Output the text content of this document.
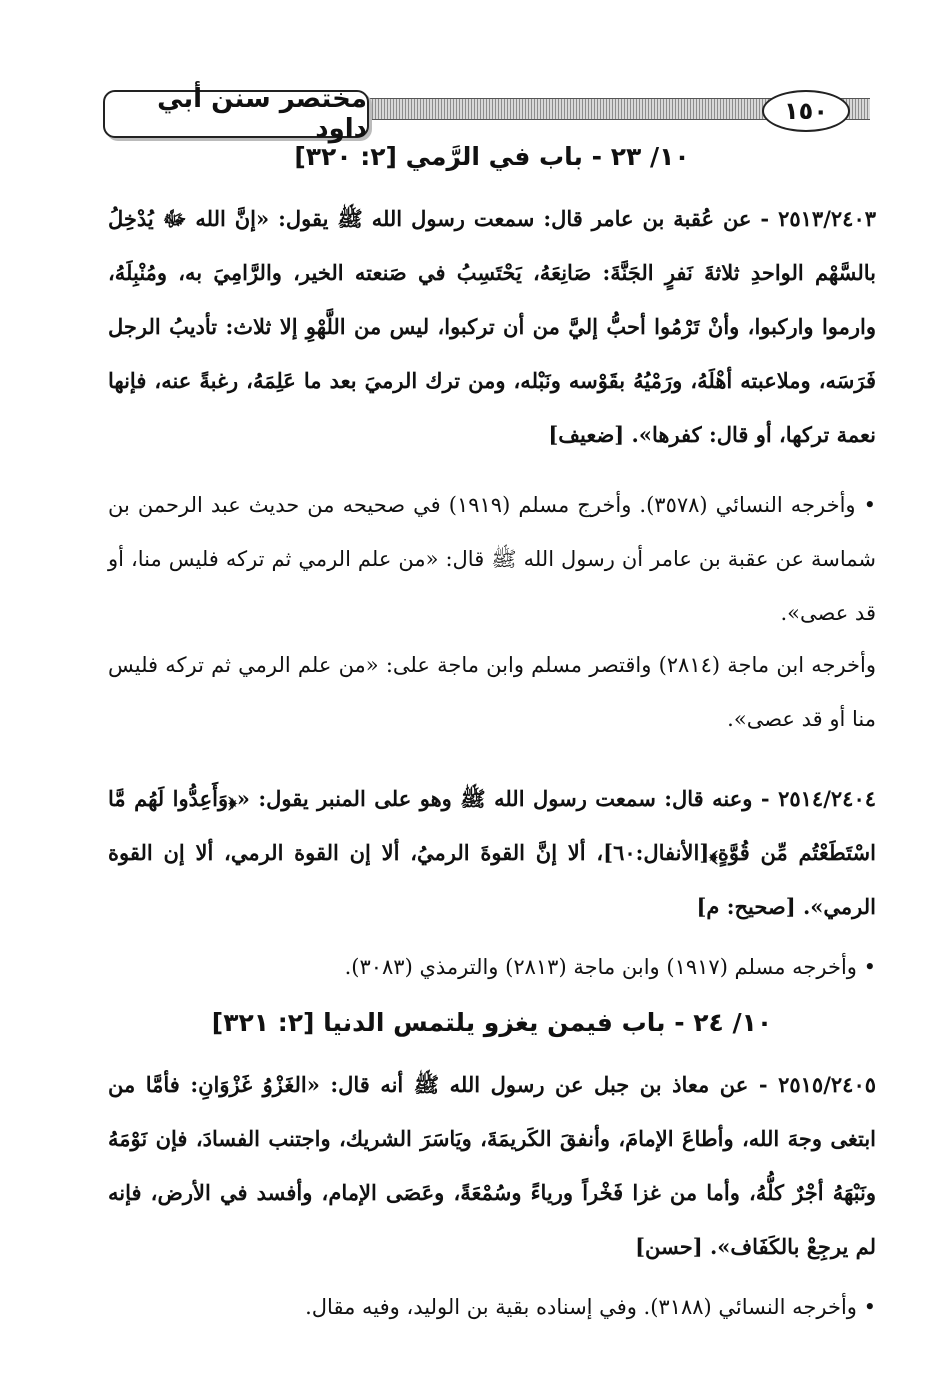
مختصر سنن أبي داود
١٥٠
١٠/ ٢٣ - باب في الرَّمي [٢: ٣٢٠]

٢٥١٣/٢٤٠٣ - عن عُقبة بن عامر قال: سمعت رسول الله ﷺ يقول: «إنَّ الله ﷻ يُدْخِلُ بالسَّهْم الواحدِ ثلاثةَ نَفرٍ الجَنَّةَ: صَانِعَهُ، يَحْتَسِبُ في صَنعته الخير، والرَّامِيَ به، ومُنْبِلَهُ، وارموا واركبوا، وأنْ تَرْمُوا أحبُّ إليَّ من أن تركبوا، ليس من اللَّهْوِ إلا ثلاث: تأديبُ الرجل فَرَسَه، وملاعبته أهْلَهُ، ورَمْيُهُ بقَوْسه ونَبْله، ومن ترك الرميَ بعد ما عَلِمَهُ، رغبةً عنه، فإنها نعمة تركها، أو قال: كفرها». [ضعيف]

• وأخرجه النسائي (٣٥٧٨). وأخرج مسلم (١٩١٩) في صحيحه من حديث عبد الرحمن بن شماسة عن عقبة بن عامر أن رسول الله ﷺ قال: «من علم الرمي ثم تركه فليس منا، أو قد عصى».

وأخرجه ابن ماجة (٢٨١٤) واقتصر مسلم وابن ماجة على: «من علم الرمي ثم تركه فليس منا أو قد عصى».

٢٥١٤/٢٤٠٤ - وعنه قال: سمعت رسول الله ﷺ وهو على المنبر يقول: «﴿وَأَعِدُّوا لَهُم مَّا اسْتَطَعْتُم مِّن قُوَّةٍ﴾[الأنفال:٦٠]، ألا إنَّ القوةَ الرميُ، ألا إن القوة الرمي، ألا إن القوة الرمي». [صحيح: م]

• وأخرجه مسلم (١٩١٧) وابن ماجة (٢٨١٣) والترمذي (٣٠٨٣).

١٠/ ٢٤ - باب فيمن يغزو يلتمس الدنيا [٢: ٣٢١]

٢٥١٥/٢٤٠٥ - عن معاذ بن جبل عن رسول الله ﷺ أنه قال: «الغَزْوُ غَزْوَانِ: فأمَّا من ابتغى وجهَ الله، وأطاعَ الإمامَ، وأنفقَ الكَريمَةَ، ويَاسَرَ الشريك، واجتنب الفسادَ، فإن نَوْمَهُ ونَبْهَهُ أجْرٌ كلُّهُ، وأما من غزا فَخْراً ورياءً وسُمْعَةً، وعَصَى الإمام، وأفسد في الأرض، فإنه لم يرجِعْ بالكَفَاف». [حسن]

• وأخرجه النسائي (٣١٨٨). وفي إسناده بقية بن الوليد، وفيه مقال.
